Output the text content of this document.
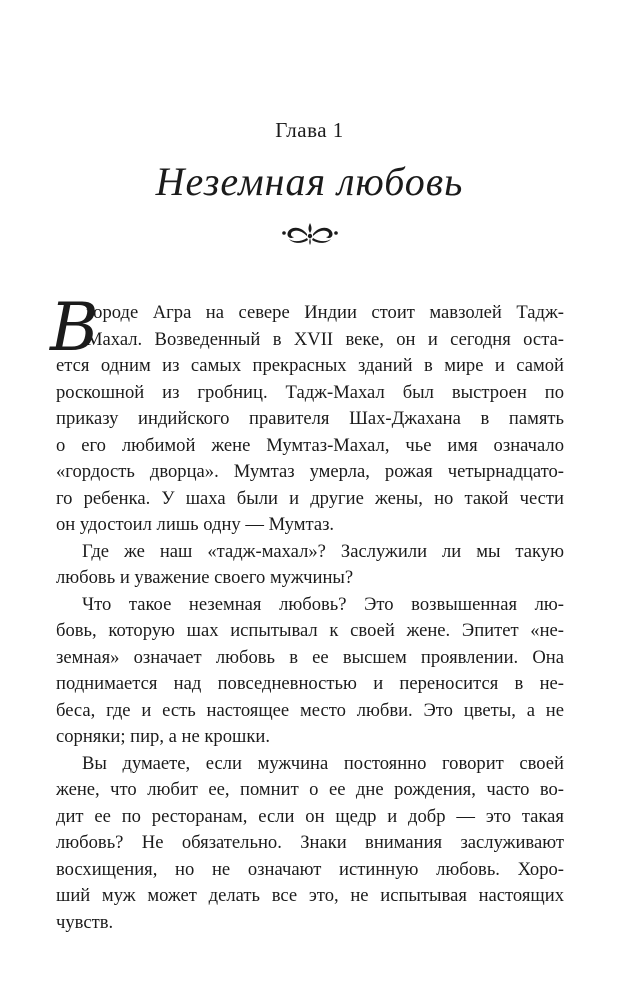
Глава 1
Неземная любовь
В
городе Агра на севере Индии стоит мавзолей Тадж-
Махал. Возведенный в XVII веке, он и сегодня оста-
ется одним из самых прекрасных зданий в мире и самой
роскошной из гробниц. Тадж-Махал был выстроен по
приказу индийского правителя Шах-Джахана в память
о его любимой жене Мумтаз-Махал, чье имя означало
«гордость дворца». Мумтаз умерла, рожая четырнадцато-
го ребенка. У шаха были и другие жены, но такой чести
он удостоил лишь одну — Мумтаз.
Где же наш «тадж-махал»? Заслужили ли мы такую
любовь и уважение своего мужчины?
Что такое неземная любовь? Это возвышенная лю-
бовь, которую шах испытывал к своей жене. Эпитет «не-
земная» означает любовь в ее высшем проявлении. Она
поднимается над повседневностью и переносится в не-
беса, где и есть настоящее место любви. Это цветы, а не
сорняки; пир, а не крошки.
Вы думаете, если мужчина постоянно говорит своей
жене, что любит ее, помнит о ее дне рождения, часто во-
дит ее по ресторанам, если он щедр и добр — это такая
любовь? Не обязательно. Знаки внимания заслуживают
восхищения, но не означают истинную любовь. Хоро-
ший муж может делать все это, не испытывая настоящих
чувств.
